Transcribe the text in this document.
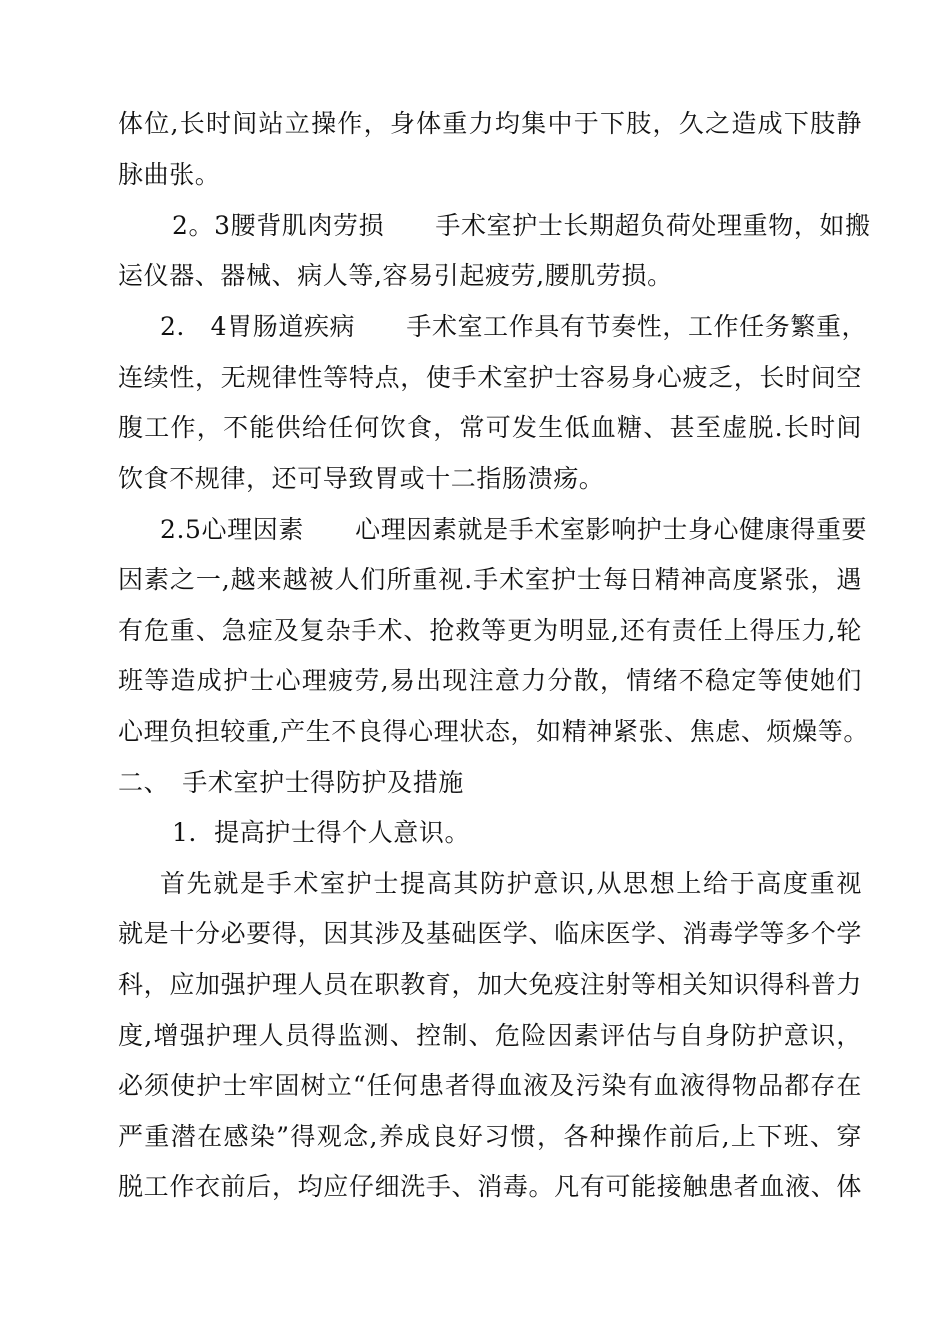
体位,长时间站立操作，身体重力均集中于下肢，久之造成下肢静
脉曲张。
2。3腰背肌肉劳损　　手术室护士长期超负荷处理重物，如搬
运仪器、器械、病人等,容易引起疲劳,腰肌劳损。
2． 4胃肠道疾病　　手术室工作具有节奏性，工作任务繁重，
连续性，无规律性等特点，使手术室护士容易身心疲乏，长时间空
腹工作，不能供给任何饮食，常可发生低血糖、甚至虚脱.长时间
饮食不规律，还可导致胃或十二指肠溃疡。
2.5心理因素　　心理因素就是手术室影响护士身心健康得重要
因素之一,越来越被人们所重视.手术室护士每日精神高度紧张，遇
有危重、急症及复杂手术、抢救等更为明显,还有责任上得压力,轮
班等造成护士心理疲劳,易出现注意力分散，情绪不稳定等使她们
心理负担较重,产生不良得心理状态，如精神紧张、焦虑、烦燥等。
二、　手术室护士得防护及措施
1．提高护士得个人意识。
首先就是手术室护士提高其防护意识,从思想上给于高度重视
就是十分必要得，因其涉及基础医学、临床医学、消毒学等多个学
科，应加强护理人员在职教育，加大免疫注射等相关知识得科普力
度,增强护理人员得监测、控制、危险因素评估与自身防护意识，
必须使护士牢固树立“任何患者得血液及污染有血液得物品都存在
严重潜在感染”得观念,养成良好习惯，各种操作前后,上下班、穿
脱工作衣前后，均应仔细洗手、消毒。凡有可能接触患者血液、体
